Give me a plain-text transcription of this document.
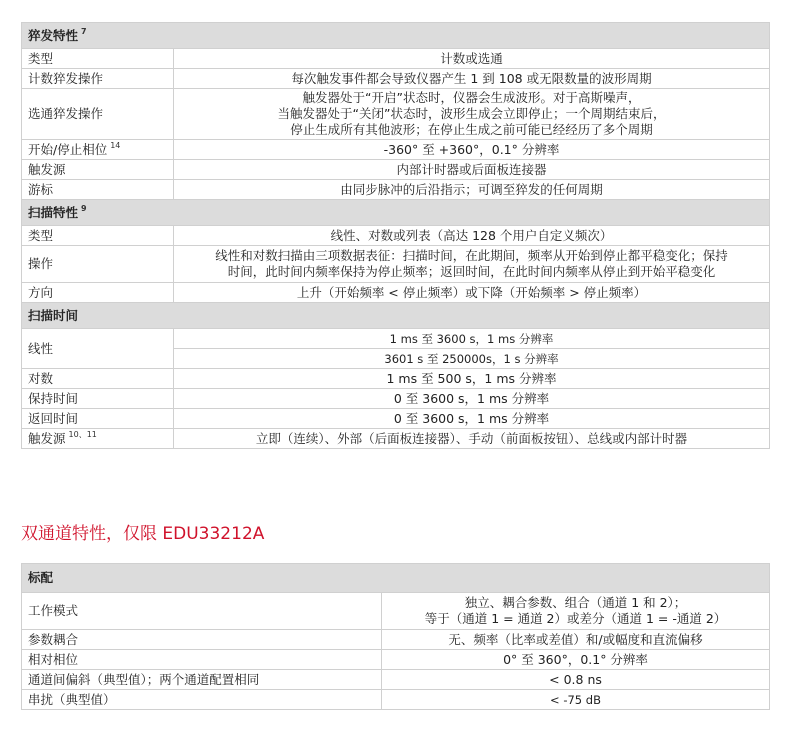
猝发特性 $^7$
类型	计数或选通
计数猝发操作	每次触发事件都会导致仪器产生 1 到 108 或无限数量的波形周期
选通猝发操作	触发器处于“开启”状态时，仪器会生成波形。对于高斯噪声，
当触发器处于“关闭”状态时，波形生成会立即停止；一个周期结束后，
停止生成所有其他波形；在停止生成之前可能已经经历了多个周期

开始/停止相位 $^{14}$	-360° 至 +360°，0.1° 分辨率
触发源	内部计时器或后面板连接器
游标	由同步脉冲的后沿指示；可调至猝发的任何周期
扫描特性 $^9$
类型	线性、对数或列表（高达 128 个用户自定义频次）
操作	线性和对数扫描由三项数据表征：扫描时间，在此期间，频率从开始到停止都平稳变化；保持
时间，此时间内频率保持为停止频率；返回时间，在此时间内频率从停止到开始平稳变化

方向	上升（开始频率 < 停止频率）或下降（开始频率 > 停止频率）
扫描时间	
线性	1 ms 至 3600 s，1 ms 分辨率
	3601 s 至 250000s，1 s 分辨率
对数	1 ms 至 500 s，1 ms 分辨率
保持时间	0 至 3600 s，1 ms 分辨率
返回时间	0 至 3600 s，1 ms 分辨率
触发源 $^{10、11}$	立即（连续）、外部（后面板连接器）、手动（前面板按钮）、总线或内部计时器
双通道特性，仅限 EDU33212A
标配	
工作模式	独立、耦合参数、组合（通道 1 和 2）；
等于（通道 1 = 通道 2）或差分（通道 1 = -通道 2）

参数耦合	无、频率（比率或差值）和/或幅度和直流偏移
相对相位	0° 至 360°，0.1° 分辨率
通道间偏斜（典型值）；两个通道配置相同	< 0.8 ns
串扰（典型值）	< -75 dB
